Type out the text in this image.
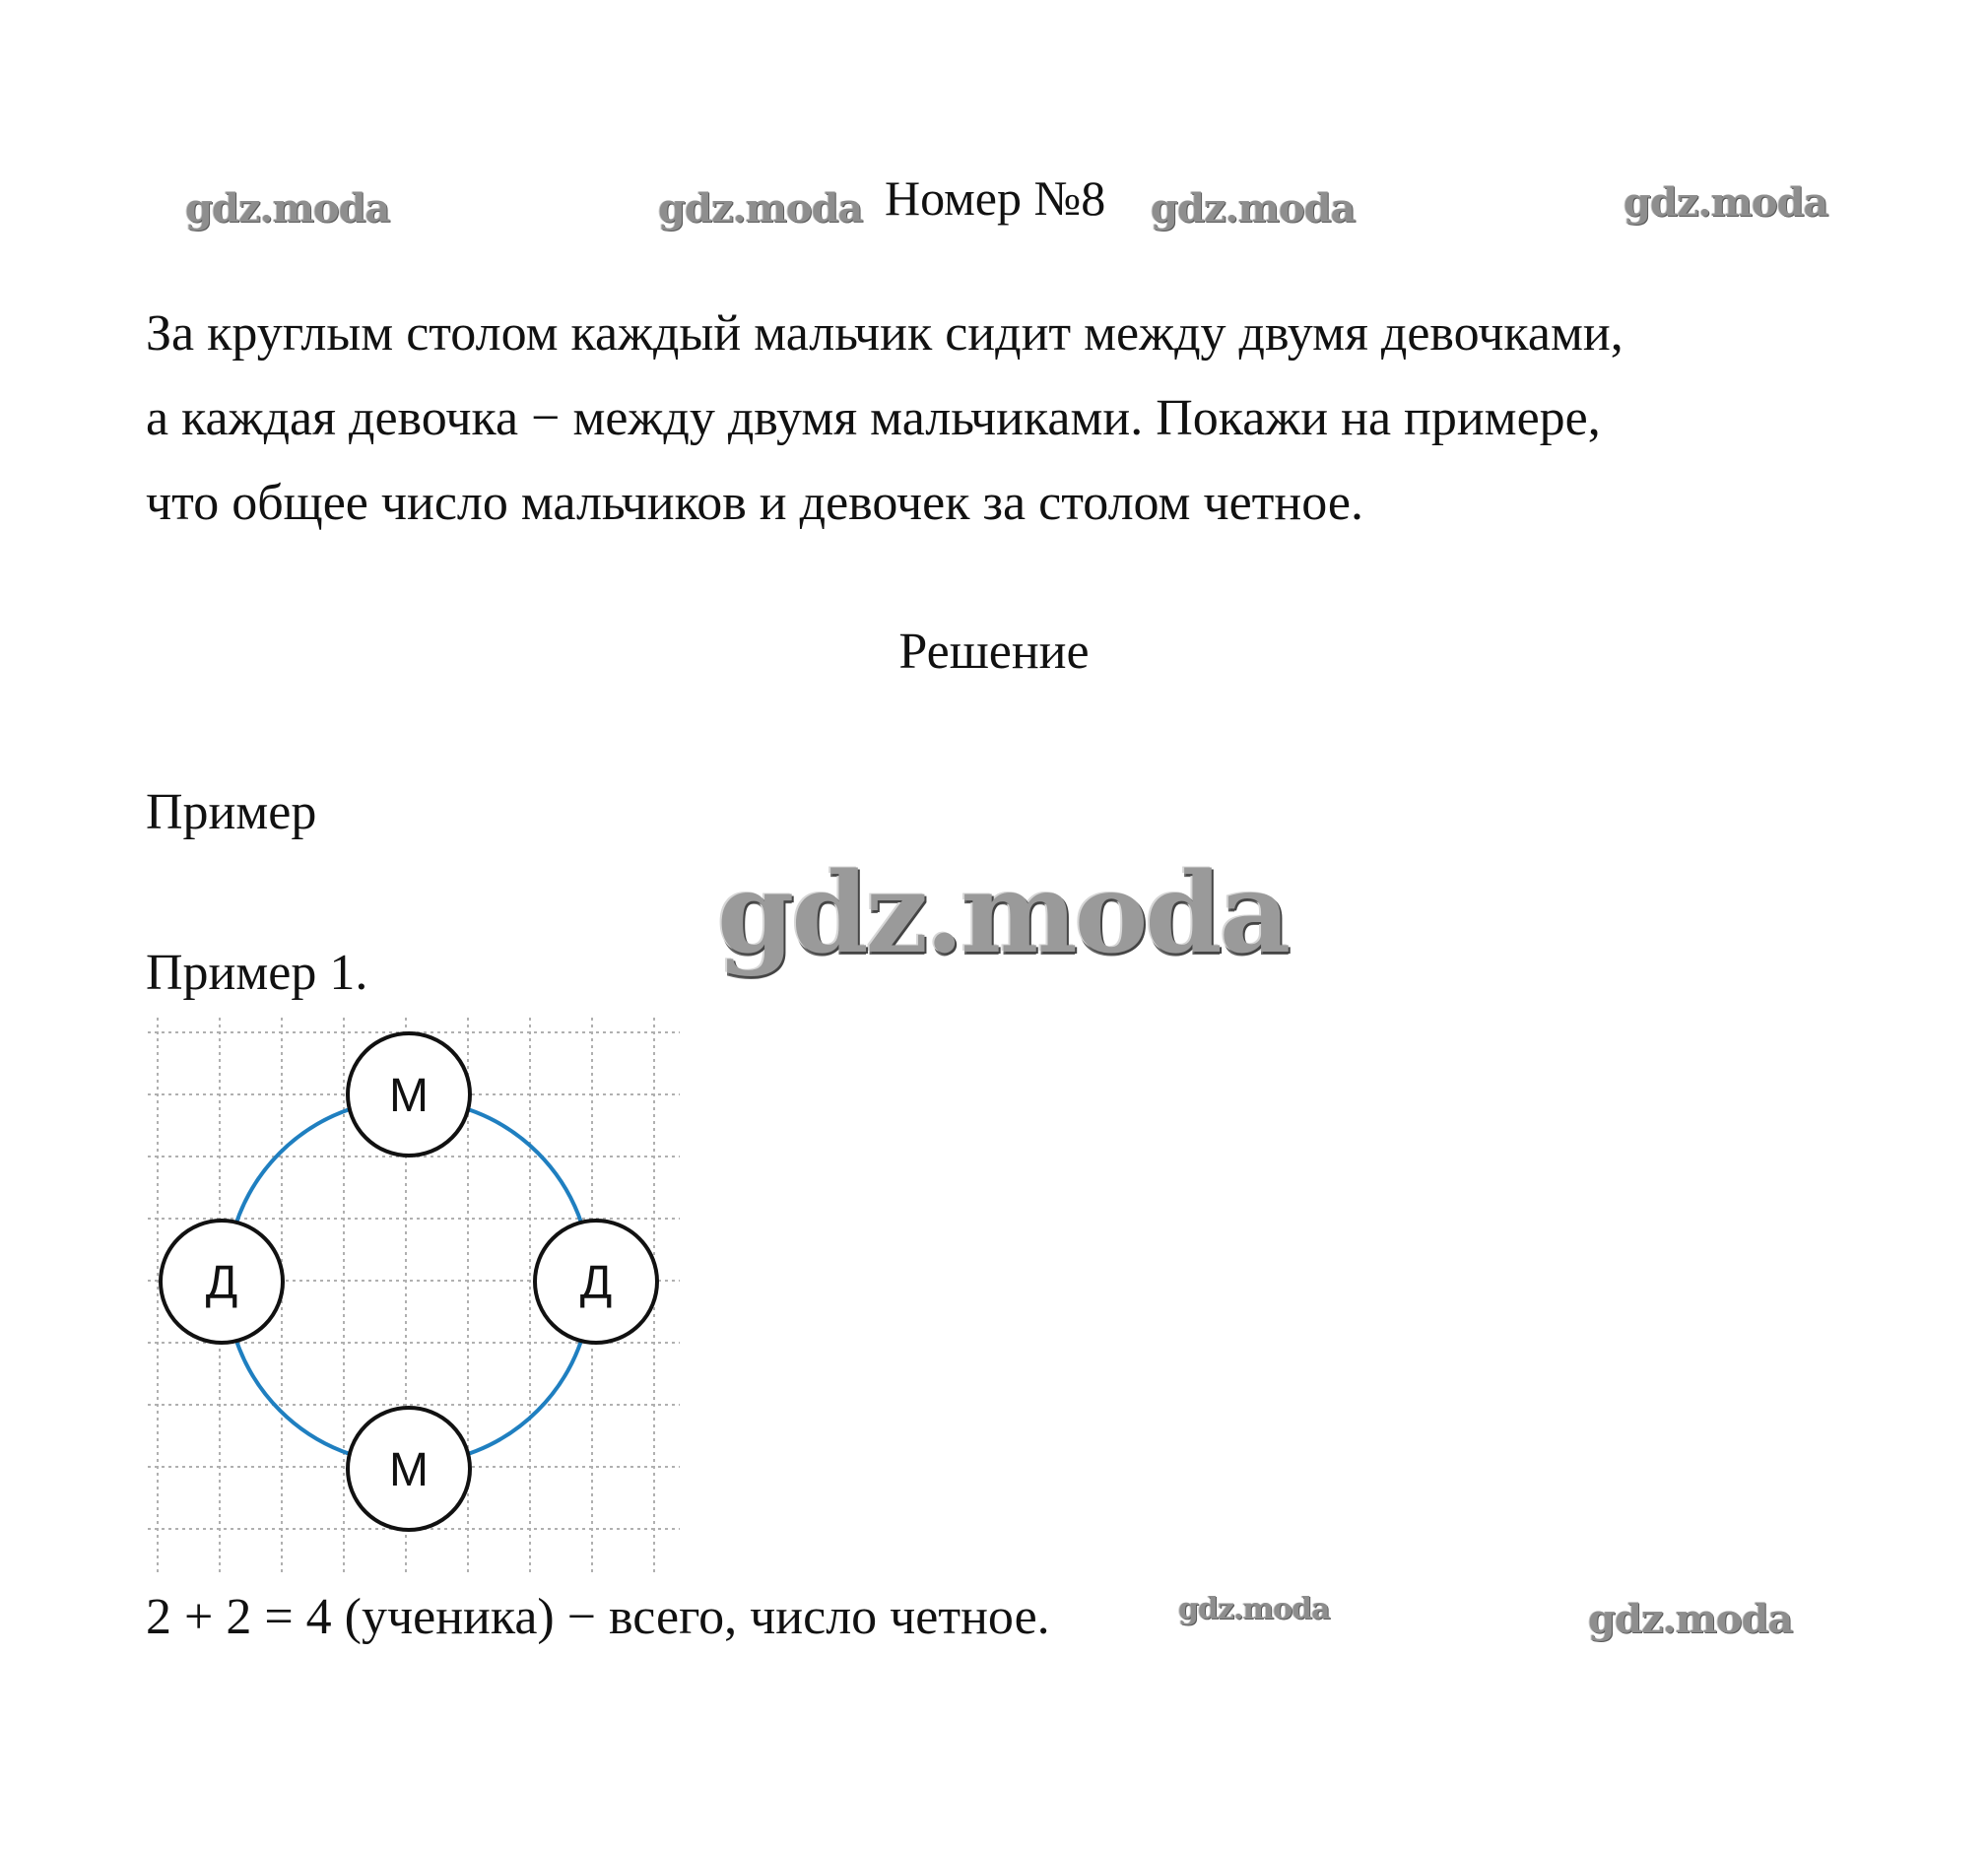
gdz.moda	gdz.moda Номер №8 gdz.moda	gdz.moda
За круглым столом каждый мальчик сидит между двумя девочками,
а каждая девочка − между двумя мальчиками. Покажи на примере,
что общее число мальчиков и девочек за столом четное.
Решение
Пример
gdz.moda
Пример 1.
М
Д
М
Д
2 + 2 = 4 (ученика) − всего, число четное.	gdz.moda	gdz.moda
